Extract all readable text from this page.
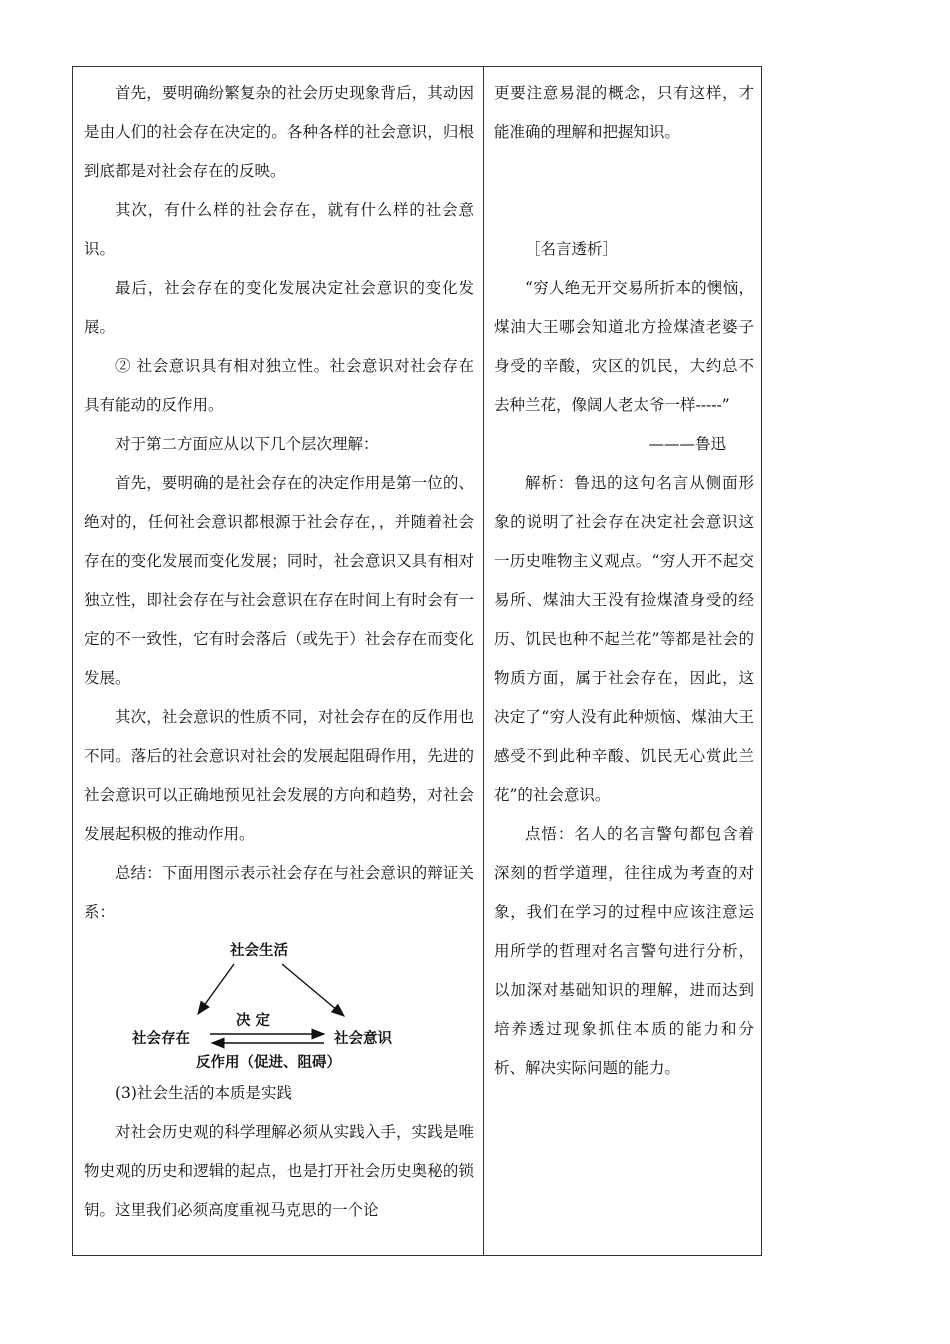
首先，要明确纷繁复杂的社会历史现象背后，其动因是由人们的社会存在决定的。各种各样的社会意识，归根到底都是对社会存在的反映。

其次，有什么样的社会存在，就有什么样的社会意识。

最后，社会存在的变化发展决定社会意识的变化发展。

② 社会意识具有相对独立性。社会意识对社会存在具有能动的反作用。

对于第二方面应从以下几个层次理解：

首先，要明确的是社会存在的决定作用是第一位的、绝对的，任何社会意识都根源于社会存在，，并随着社会存在的变化发展而变化发展；同时，社会意识又具有相对独立性，即社会存在与社会意识在存在时间上有时会有一定的不一致性，它有时会落后（或先于）社会存在而变化发展。

其次，社会意识的性质不同，对社会存在的反作用也不同。落后的社会意识对社会的发展起阻碍作用，先进的社会意识可以正确地预见社会发展的方向和趋势，对社会发展起积极的推动作用。

总结：下面用图示表示社会存在与社会意识的辩证关系：

社会生活
社会存在	社会意识
决 定
反作用（促进、阻碍）

(3)社会生活的本质是实践

对社会历史观的科学理解必须从实践入手，实践是唯物史观的历史和逻辑的起点，也是打开社会历史奥秘的锁钥。这里我们必须高度重视马克思的一个论

更要注意易混的概念，只有这样，才能准确的理解和把握知识。

［名言透析］

“穷人绝无开交易所折本的懊恼，煤油大王哪会知道北方捡煤渣老婆子身受的辛酸，灾区的饥民，大约总不去种兰花，像阔人老太爷一样-----”

———鲁迅

解析：鲁迅的这句名言从侧面形象的说明了社会存在决定社会意识这一历史唯物主义观点。“穷人开不起交易所、煤油大王没有捡煤渣身受的经历、饥民也种不起兰花”等都是社会的物质方面，属于社会存在，因此，这决定了“穷人没有此种烦恼、煤油大王感受不到此种辛酸、饥民无心赏此兰花”的社会意识。

点悟：名人的名言警句都包含着深刻的哲学道理，往往成为考查的对象，我们在学习的过程中应该注意运用所学的哲理对名言警句进行分析，以加深对基础知识的理解，进而达到培养透过现象抓住本质的能力和分析、解决实际问题的能力。
